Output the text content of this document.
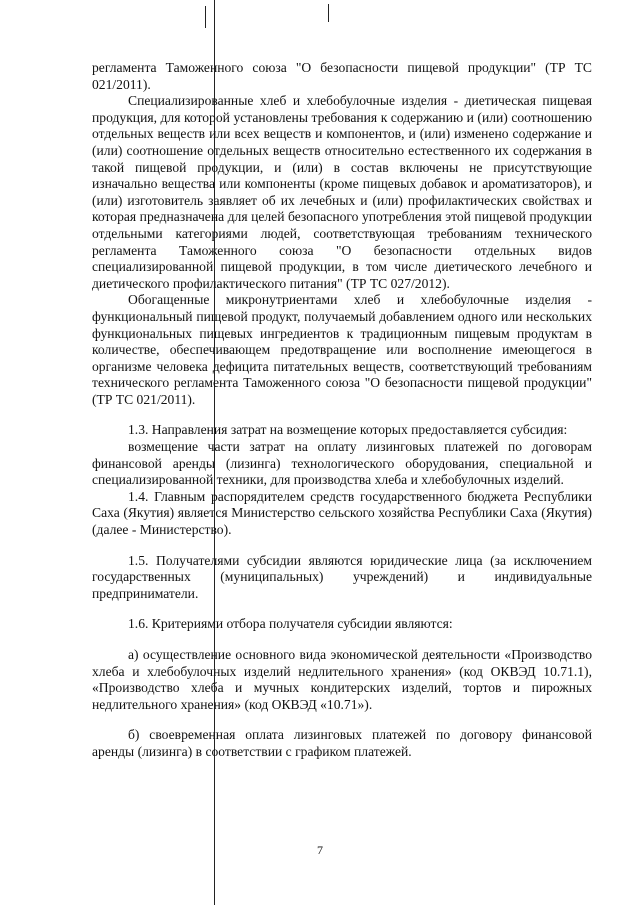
регламента Таможенного союза "О безопасности пищевой продукции" (ТР ТС 021/2011).

Специализированные хлеб и хлебобулочные изделия - диетическая пищевая продукция, для которой установлены требования к содержанию и (или) соотношению отдельных веществ или всех веществ и компонентов, и (или) изменено содержание и (или) соотношение отдельных веществ относительно естественного их содержания в такой пищевой продукции, и (или) в состав включены не присутствующие изначально вещества или компоненты (кроме пищевых добавок и ароматизаторов), и (или) изготовитель заявляет об их лечебных и (или) профилактических свойствах и которая предназначена для целей безопасного употребления этой пищевой продукции отдельными категориями людей, соответствующая требованиям технического регламента Таможенного союза "О безопасности отдельных видов специализированной пищевой продукции, в том числе диетического лечебного и диетического профилактического питания" (ТР ТС 027/2012).

Обогащенные микронутриентами хлеб и хлебобулочные изделия - функциональный пищевой продукт, получаемый добавлением одного или нескольких функциональных пищевых ингредиентов к традиционным пищевым продуктам в количестве, обеспечивающем предотвращение или восполнение имеющегося в организме человека дефицита питательных веществ, соответствующий требованиям технического регламента Таможенного союза "О безопасности пищевой продукции" (ТР ТС 021/2011).

1.3. Направления затрат на возмещение которых предоставляется субсидия:

возмещение части затрат на оплату лизинговых платежей по договорам финансовой аренды (лизинга) технологического оборудования, специальной и специализированной техники, для производства хлеба и хлебобулочных изделий.

1.4. Главным распорядителем средств государственного бюджета Республики Саха (Якутия) является Министерство сельского хозяйства Республики Саха (Якутия) (далее - Министерство).

1.5. Получателями субсидии являются юридические лица (за исключением государственных (муниципальных) учреждений) и индивидуальные предприниматели.

1.6. Критериями отбора получателя субсидии являются:

а) осуществление основного вида экономической деятельности «Производство хлеба и хлебобулочных изделий недлительного хранения» (код ОКВЭД 10.71.1), «Производство хлеба и мучных кондитерских изделий, тортов и пирожных недлительного хранения» (код ОКВЭД «10.71»).

б) своевременная оплата лизинговых платежей по договору финансовой аренды (лизинга) в соответствии с графиком платежей.

7
